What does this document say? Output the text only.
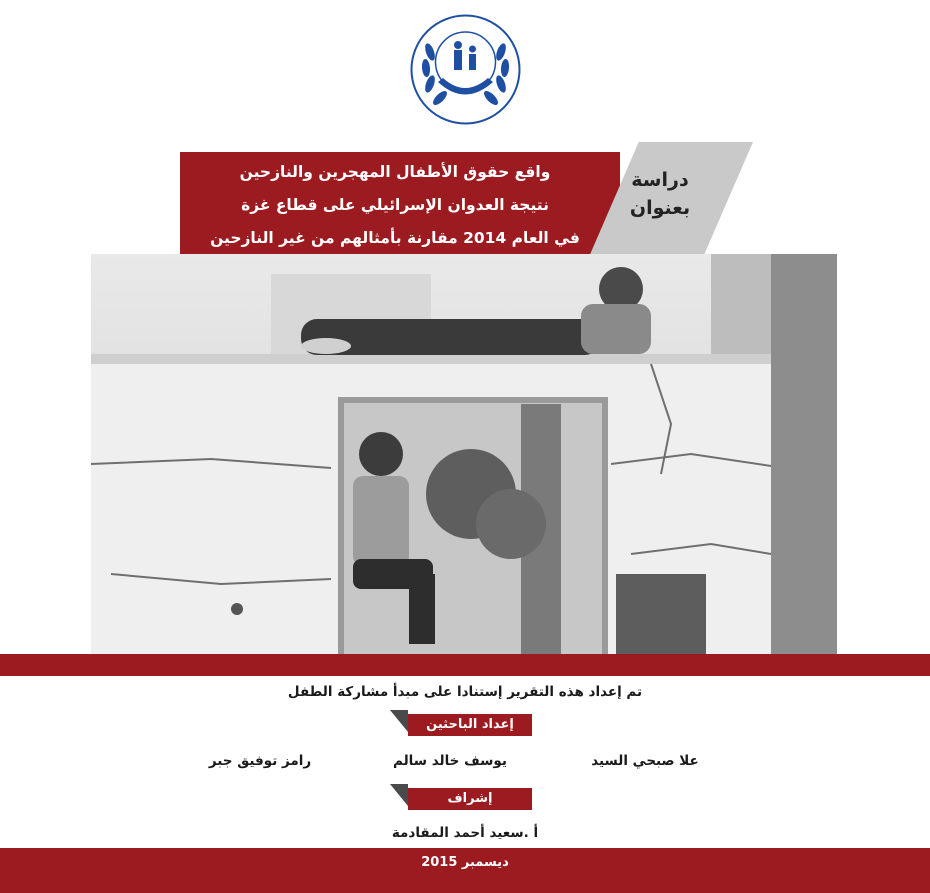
واقع حقوق الأطفال المهجرين والنازحين
نتيجة العدوان الإسرائيلي على قطاع غزة
في العام 2014 مقارنة بأمثالهم من غير النازحين
دراسة
بعنوان
تم إعداد هذه التقرير إستنادا على مبدأ مشاركة الطفل
إعداد الباحثين
علا صبحي السيد
يوسف خالد سالم
رامز توفيق جبر
إشراف
أ .سعيد أحمد المقادمة
ديسمبر 2015
